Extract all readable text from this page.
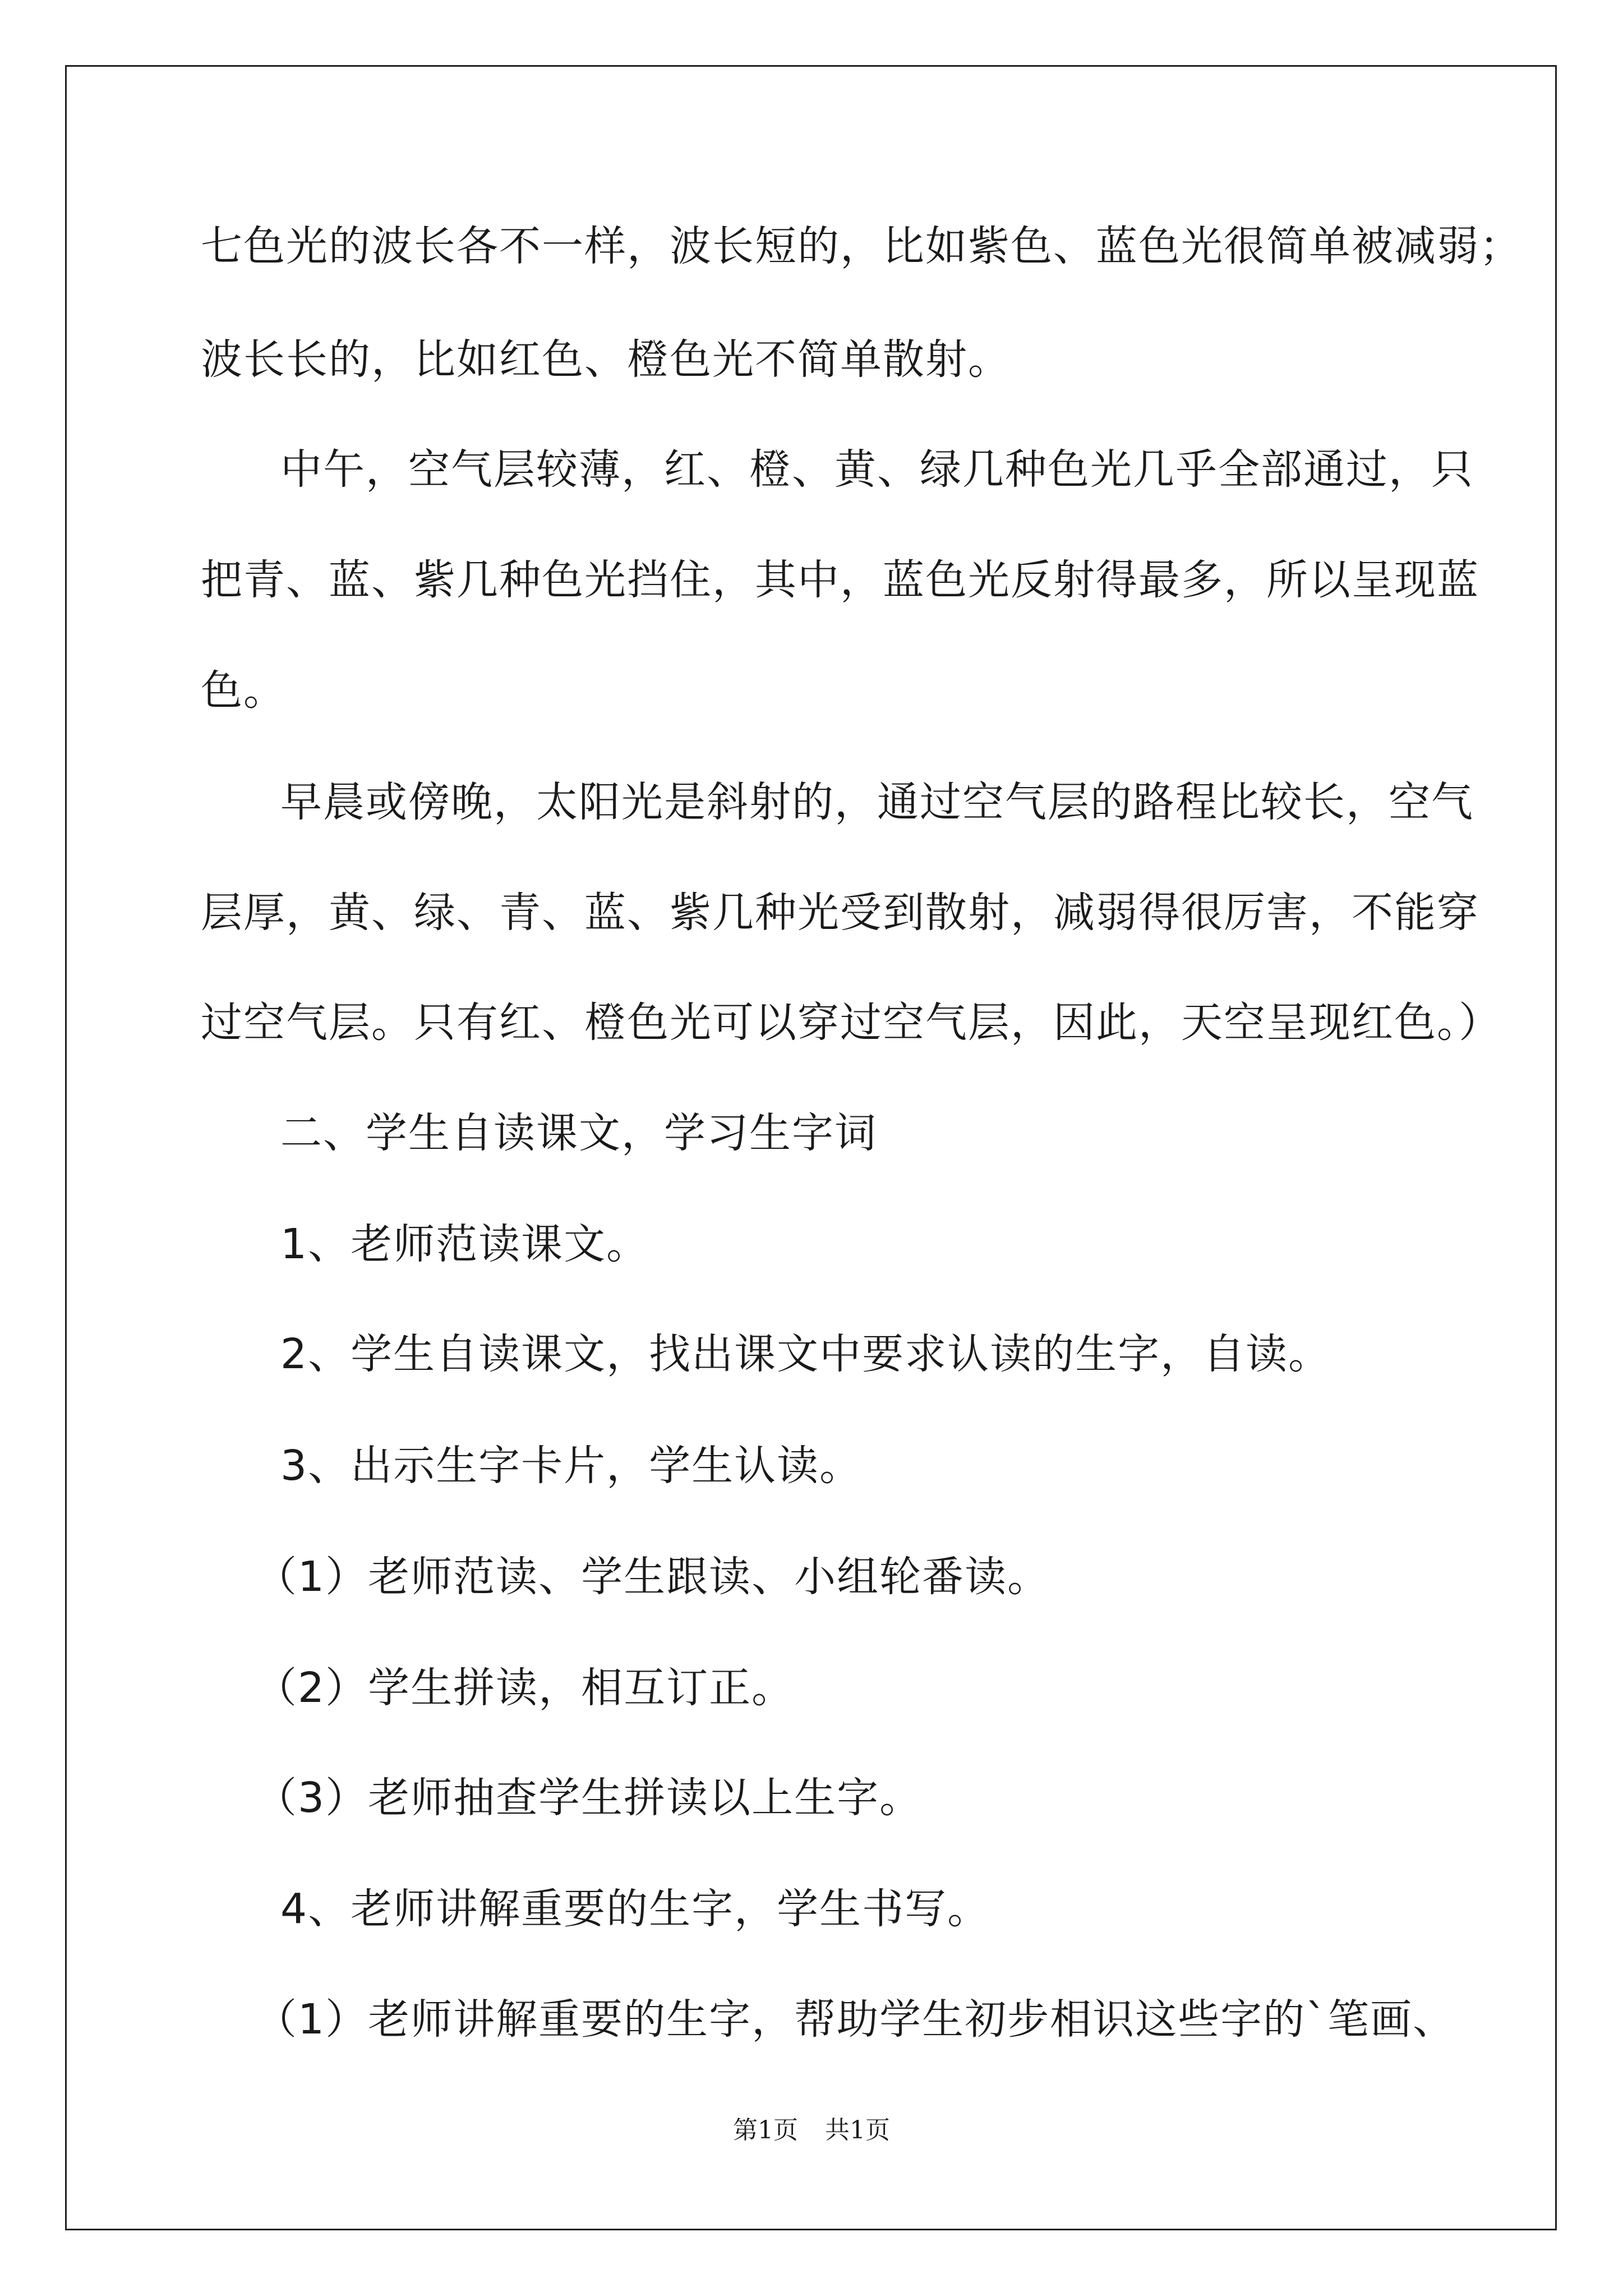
七色光的波长各不一样，波长短的，比如紫色、蓝色光很简单被减弱；
波长长的，比如红色、橙色光不简单散射。
中午，空气层较薄，红、橙、黄、绿几种色光几乎全部通过，只
把青、蓝、紫几种色光挡住，其中，蓝色光反射得最多，所以呈现蓝
色。
早晨或傍晚，太阳光是斜射的，通过空气层的路程比较长，空气
层厚，黄、绿、青、蓝、紫几种光受到散射，减弱得很厉害，不能穿
过空气层。只有红、橙色光可以穿过空气层，因此，天空呈现红色。）
二、学生自读课文，学习生字词
1、老师范读课文。
2、学生自读课文，找出课文中要求认读的生字，自读。
3、出示生字卡片，学生认读。
（1）老师范读、学生跟读、小组轮番读。
（2）学生拼读，相互订正。
（3）老师抽查学生拼读以上生字。
4、老师讲解重要的生字，学生书写。
（1）老师讲解重要的生字，帮助学生初步相识这些字的`笔画、
第1页 共1页
